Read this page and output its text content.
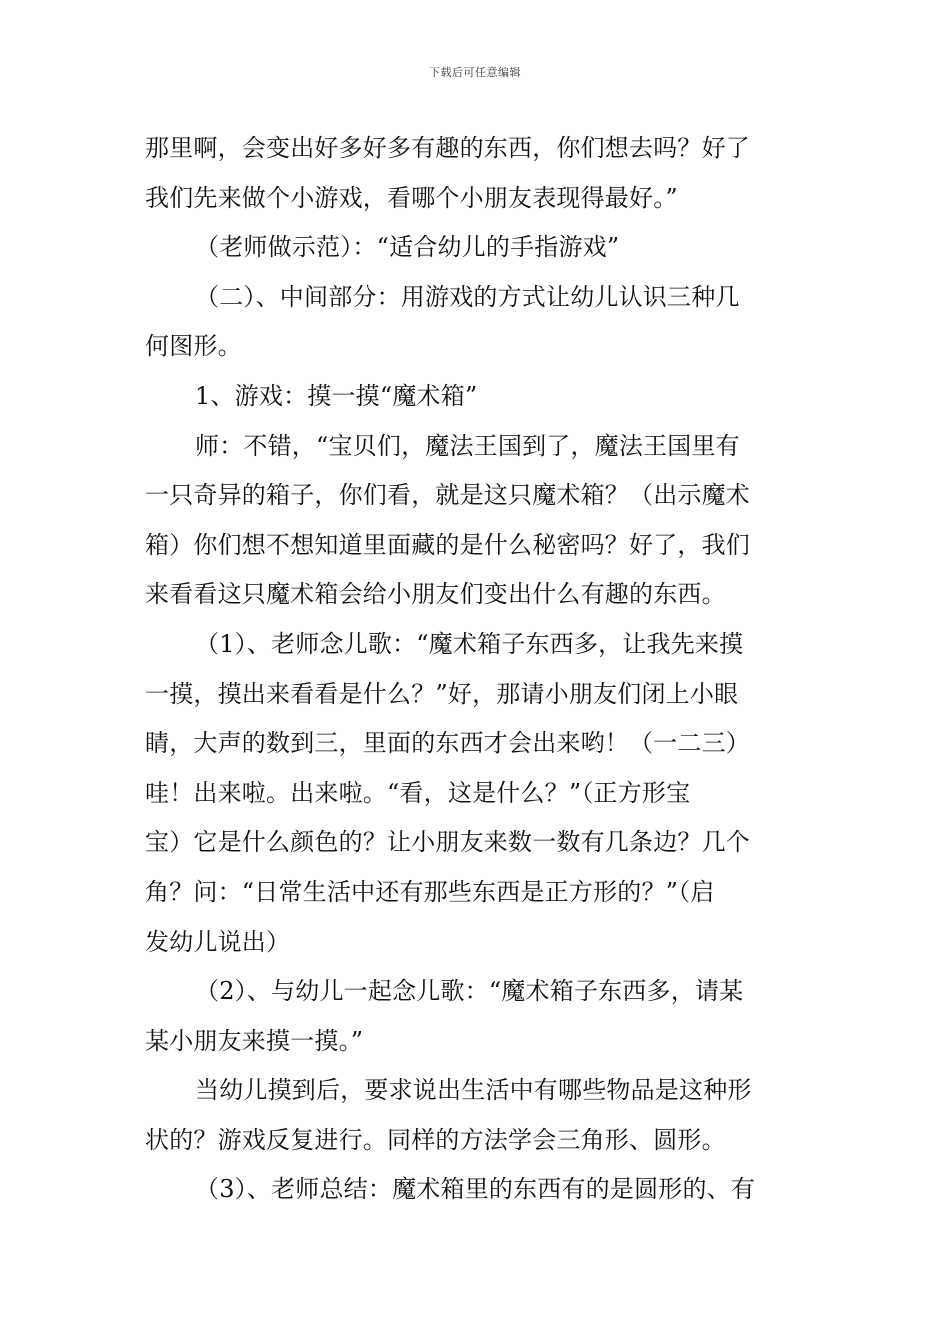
下载后可任意编辑
那里啊，会变出好多好多有趣的东西，你们想去吗？好了
我们先来做个小游戏，看哪个小朋友表现得最好。”
（老师做示范）：“适合幼儿的手指游戏”
（二）、中间部分：用游戏的方式让幼儿认识三种几
何图形。
1、游戏：摸一摸“魔术箱”
师：不错，“宝贝们，魔法王国到了，魔法王国里有
一只奇异的箱子，你们看，就是这只魔术箱？（出示魔术
箱）你们想不想知道里面藏的是什么秘密吗？好了，我们
来看看这只魔术箱会给小朋友们变出什么有趣的东西。
（1）、老师念儿歌：“魔术箱子东西多，让我先来摸
一摸，摸出来看看是什么？”好，那请小朋友们闭上小眼
睛，大声的数到三，里面的东西才会出来哟！（一二三）
哇！出来啦。出来啦。“看，这是什么？”（正方形宝
宝）它是什么颜色的？让小朋友来数一数有几条边？几个
角？问：“日常生活中还有那些东西是正方形的？”（启
发幼儿说出）
（2）、与幼儿一起念儿歌：“魔术箱子东西多，请某
某小朋友来摸一摸。”
当幼儿摸到后，要求说出生活中有哪些物品是这种形
状的？游戏反复进行。同样的方法学会三角形、圆形。
（3）、老师总结：魔术箱里的东西有的是圆形的、有
